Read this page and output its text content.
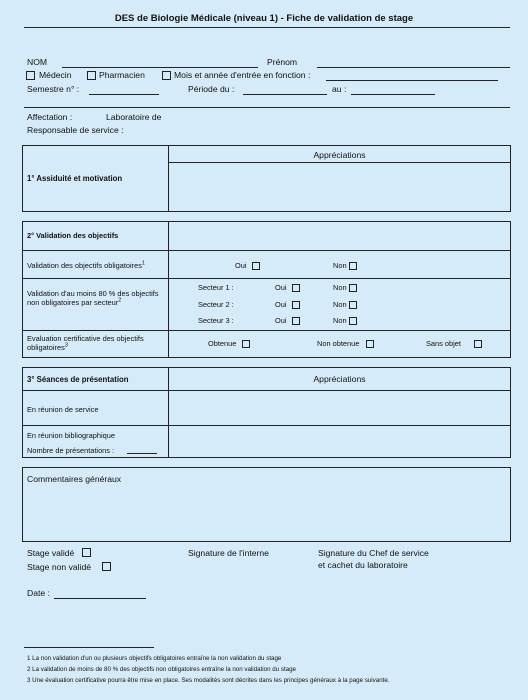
DES de Biologie Médicale (niveau 1) - Fiche de validation de stage
NOM	Prénom
Médecin	Pharmacien	Mois et année d'entrée en fonction :
Semestre n° :	Période du :	au :
Affectation :	Laboratoire de
Responsable de service :
Appréciations
1° Assiduité et motivation
2° Validation des objectifs
Validation des objectifs obligatoires$^1$	Oui	Non
Validation d'au moins 80 % des objectifs non obligatoires par secteur$^2$
Secteur 1 :	Oui	Non
Secteur 2 :	Oui	Non
Secteur 3 :	Oui	Non
Evaluation certificative des objectifs obligatoires$^3$	Obtenue	Non obtenue	Sans objet
3° Séances de présentation	Appréciations
En réunion de service
En réunion bibliographique
Nombre de présentations :
Commentaires généraux
Stage validé
Stage non validé
Signature de l'interne	Signature du Chef de service
et cachet du laboratoire
Date :
1 La non validation d'un ou plusieurs objectifs obligatoires entraîne la non validation du stage
2 La validation de moins de 80 % des objectifs non obligatoires entraîne la non validation du stage
3 Une évaluation certificative pourra être mise en place. Ses modalités sont décrites dans les principes généraux à la page suivante.
